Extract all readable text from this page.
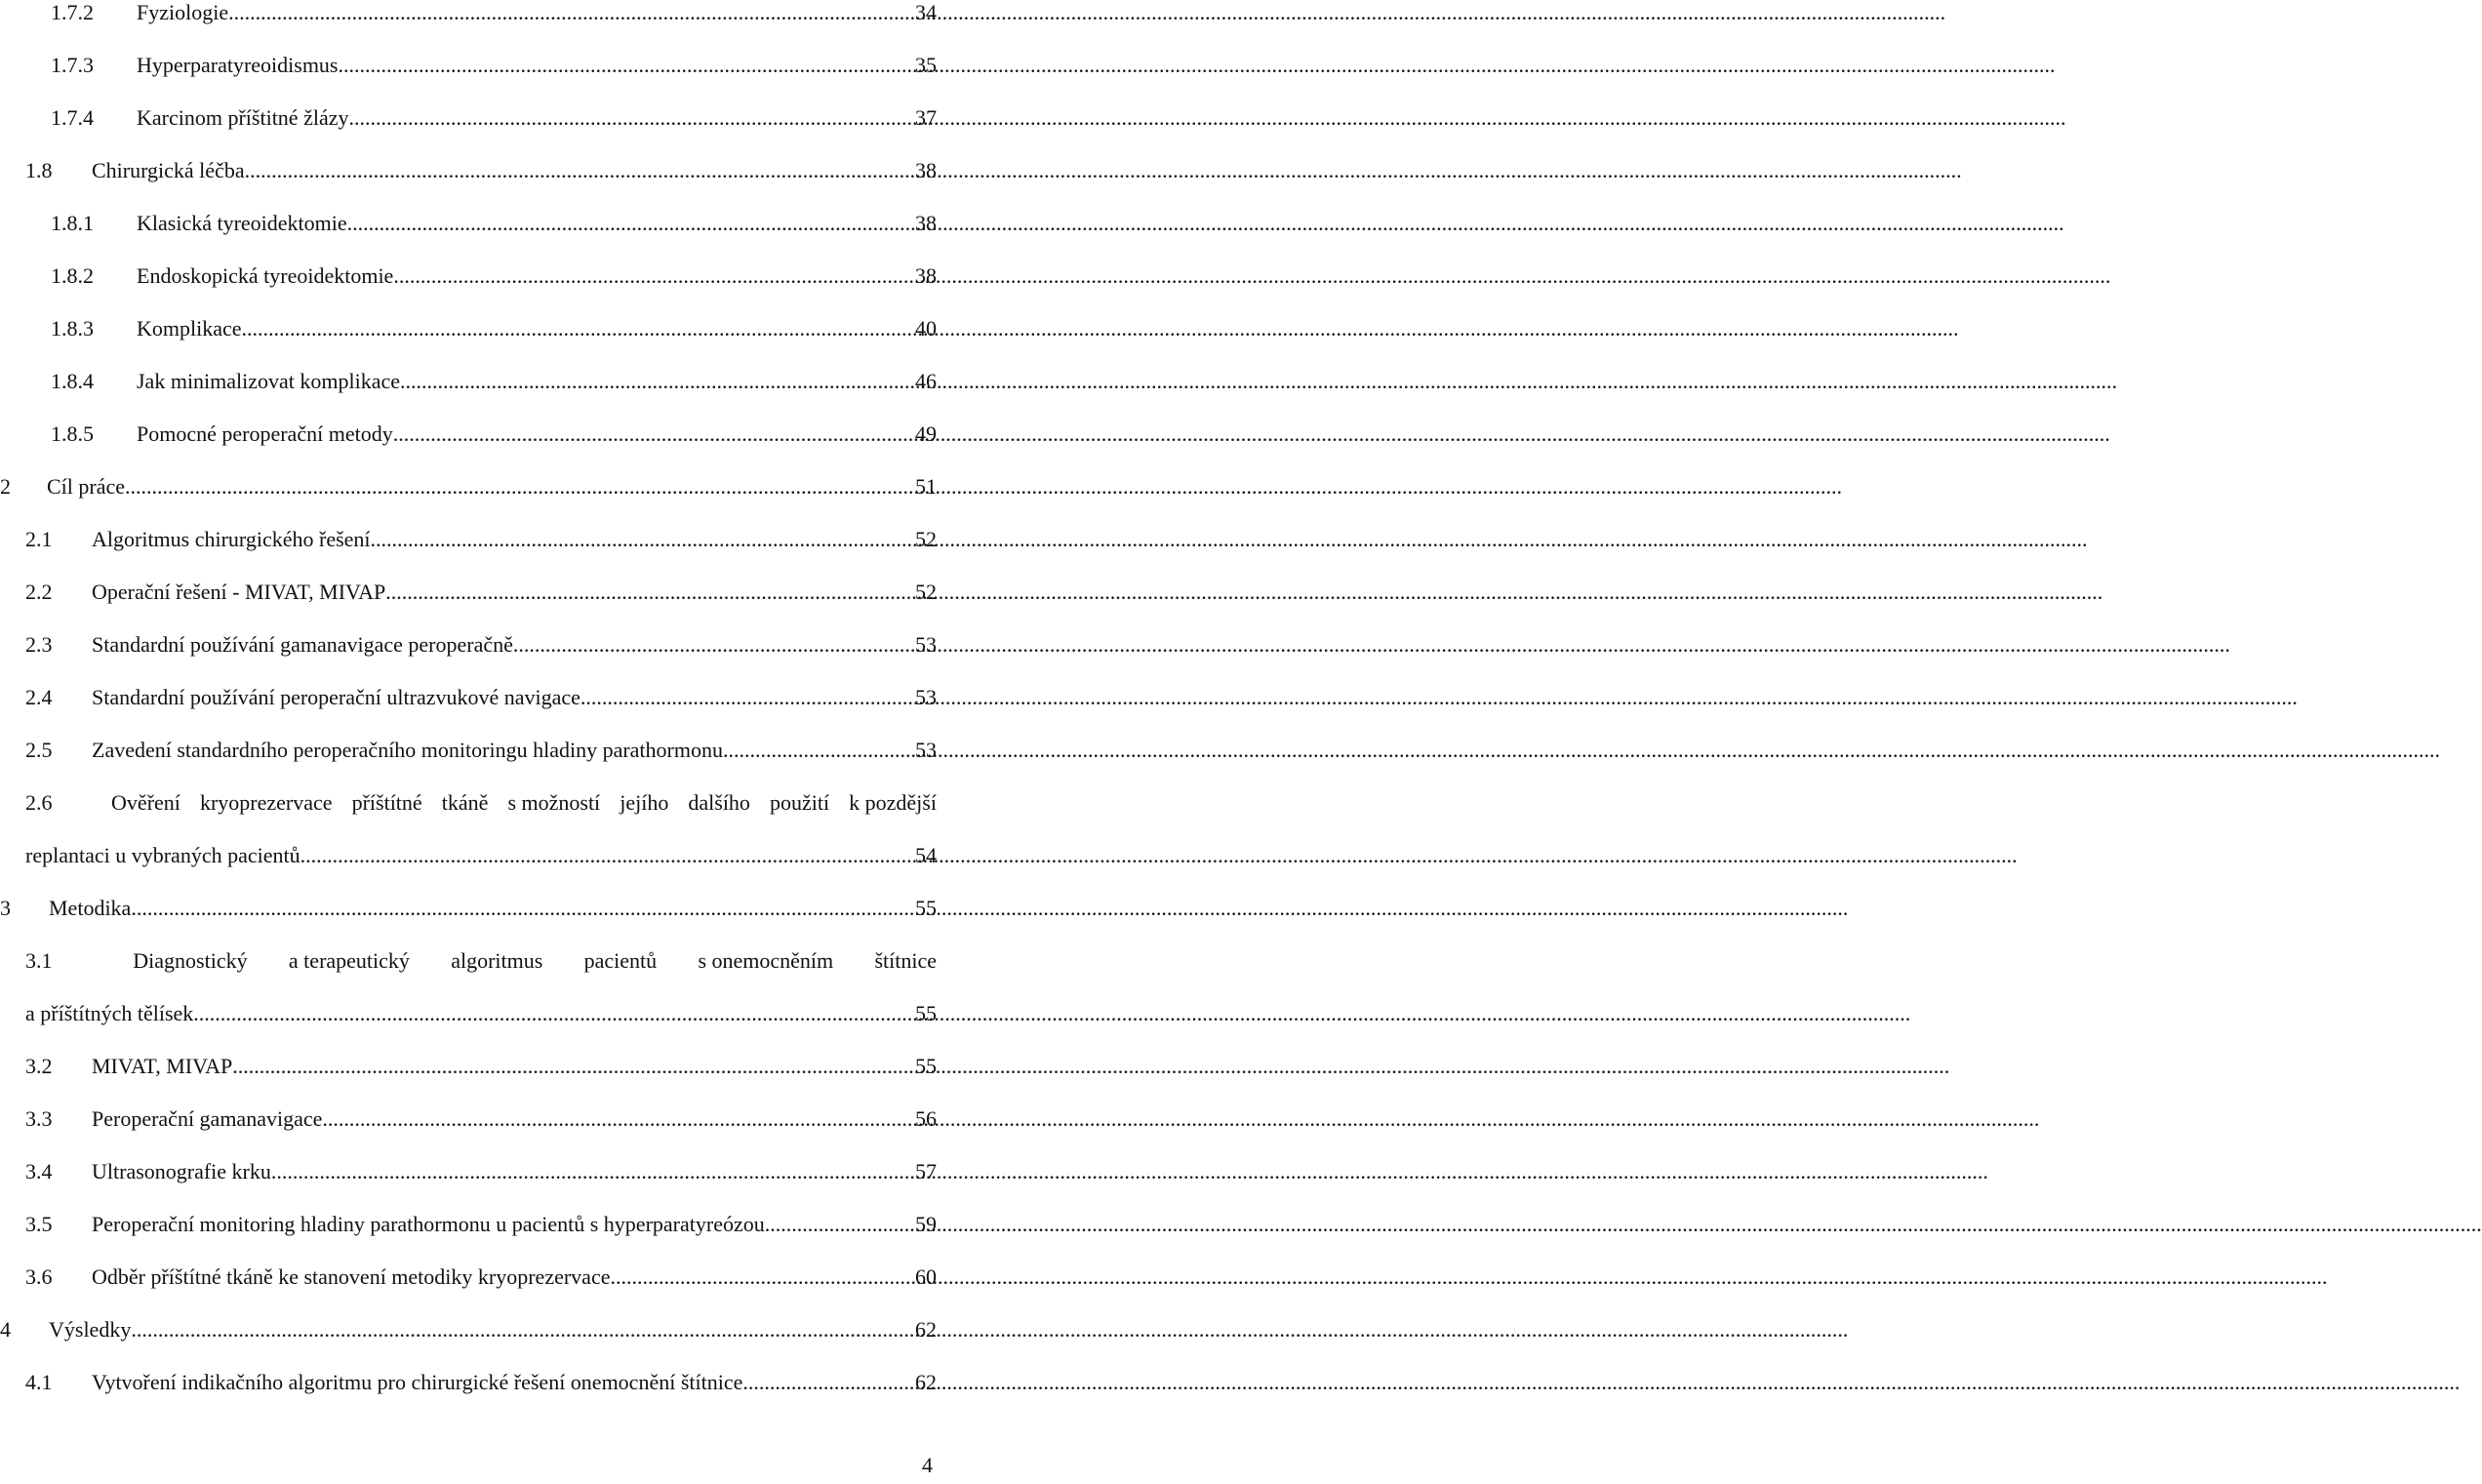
1.7.2	Fyziologie .....	34
1.7.3	Hyperparatyreoidismus .....	35
1.7.4	Karcinom příštitné žlázy .....	37
1.8	Chirurgická léčba .....	38
1.8.1	Klasická tyreoidektomie .....	38
1.8.2	Endoskopická tyreoidektomie .....	38
1.8.3	Komplikace .....	40
1.8.4	Jak minimalizovat komplikace .....	46
1.8.5	Pomocné peroperační metody .....	49
2	Cíl práce .....	51
2.1	Algoritmus chirurgického řešení .....	52
2.2	Operační řešení - MIVAT, MIVAP .....	52
2.3	Standardní používání gamanavigace peroperačně .....	53
2.4	Standardní používání peroperační ultrazvukové navigace .....	53
2.5	Zavedení standardního peroperačního monitoringu hladiny parathormonu .....	53
2.6	Ověření kryoprezervace příštítné tkáně s možností jejího dalšího použití k pozdější
replantaci u vybraných pacientů .....	54
3	Metodika .....	55
3.1	Diagnostický a terapeutický algoritmus pacientů s onemocněním štítnice
a příštítných tělísek .....	55
3.2	MIVAT, MIVAP .....	55
3.3	Peroperační gamanavigace .....	56
3.4	Ultrasonografie krku .....	57
3.5	Peroperační monitoring hladiny parathormonu u pacientů s hyperparatyreózou .....	59
3.6	Odběr příštítné tkáně ke stanovení metodiky kryoprezervace .....	60
4	Výsledky .....	62
4.1	Vytvoření indikačního algoritmu pro chirurgické řešení onemocnění štítnice .....	62
4
